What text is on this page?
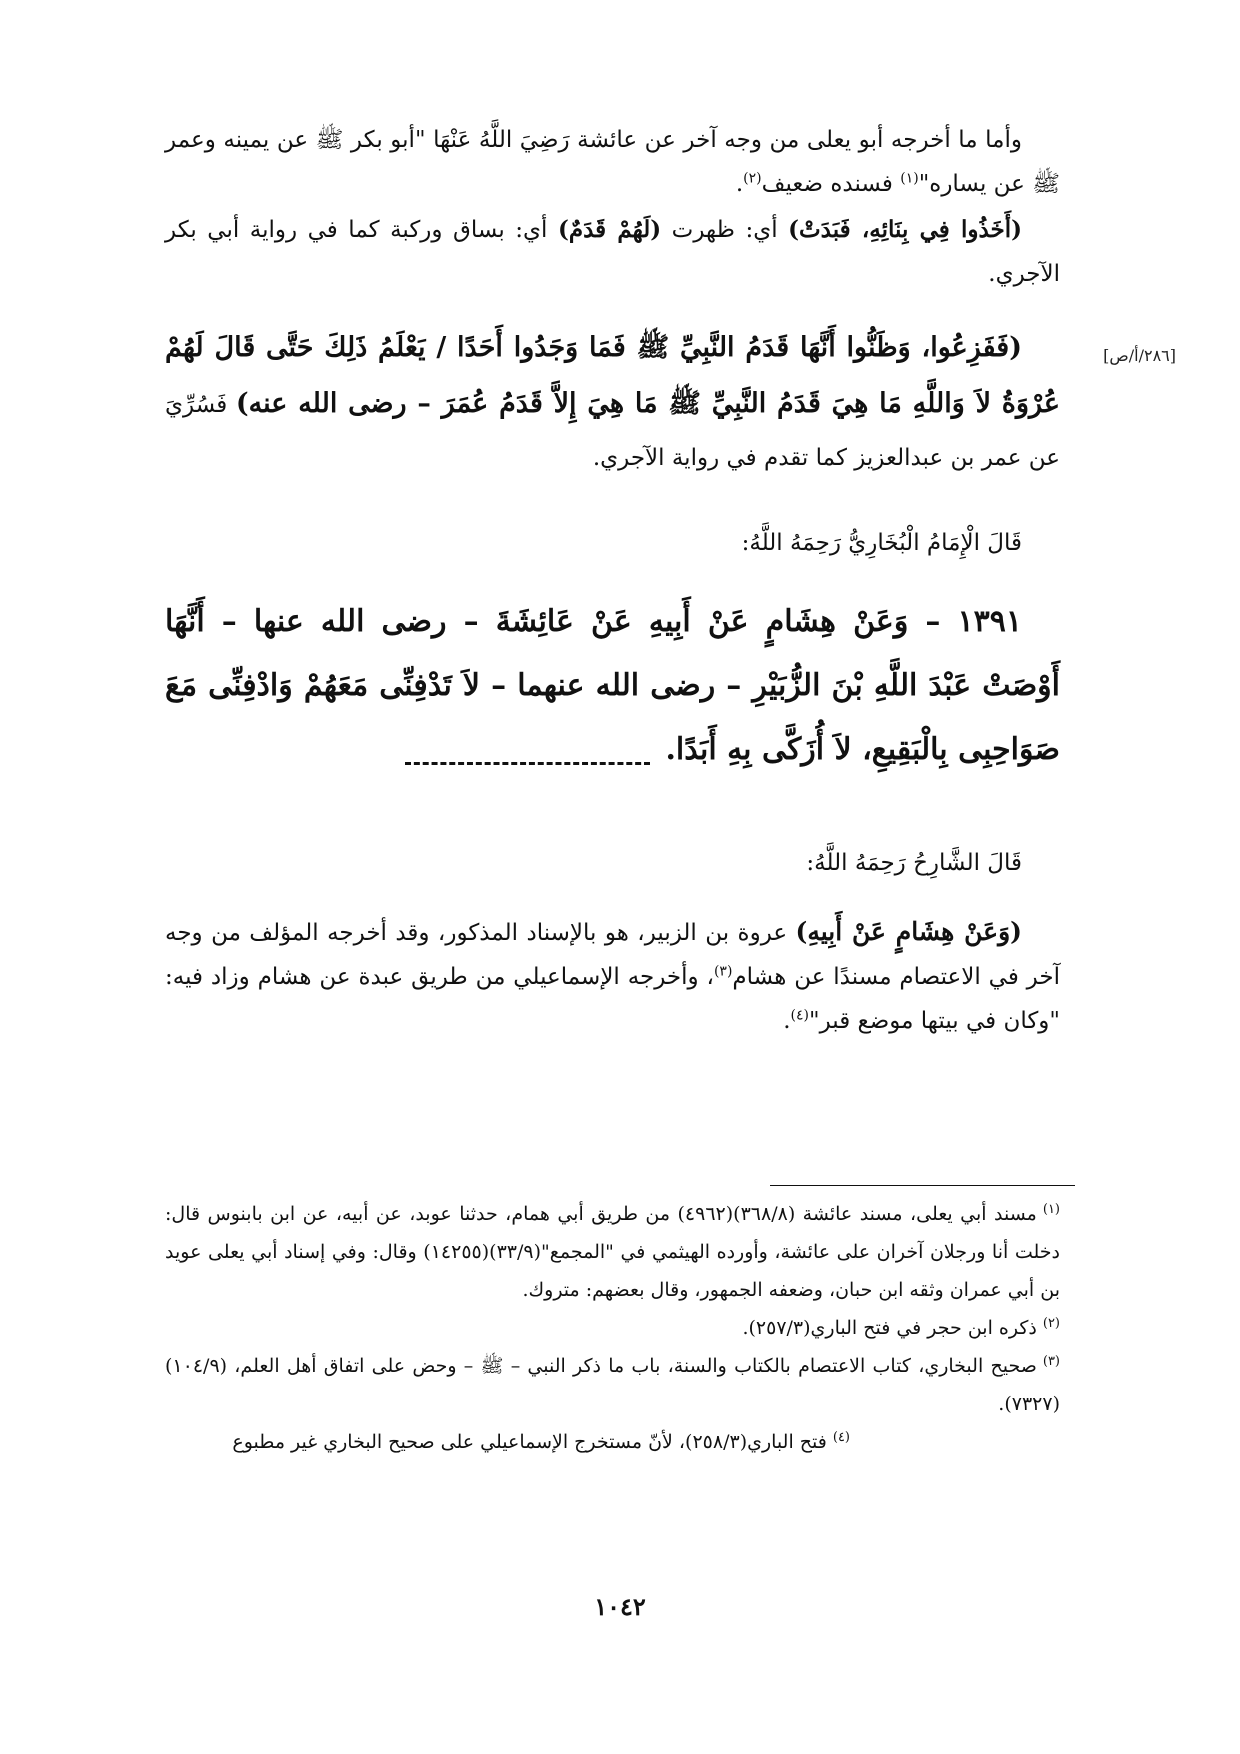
وأما ما أخرجه أبو يعلى من وجه آخر عن عائشة رَضِيَ اللَّهُ عَنْهَا "أبو بكر ﷺ عن يمينه وعمر ﷺ عن يساره"$^{(١)}$ فسنده ضعيف$^{(٢)}$.

(أَخَذُوا فِي بِنَائِهِ، فَبَدَتْ) أي: ظهرت (لَهُمْ قَدَمٌ) أي: بساق وركبة كما في رواية أبي بكر الآجري.

[٢٨٦/أ/ص]

(فَفَزِعُوا، وَظَنُّوا أَنَّهَا قَدَمُ النَّبِيِّ ﷺ فَمَا وَجَدُوا أَحَدًا / يَعْلَمُ ذَلِكَ حَتَّى قَالَ لَهُمْ عُرْوَةُ لاَ وَاللَّهِ مَا هِيَ قَدَمُ النَّبِيِّ ﷺ مَا هِيَ إِلاَّ قَدَمُ عُمَرَ – رضى الله عنه) فَسُرِّيَ عن عمر بن عبدالعزيز كما تقدم في رواية الآجري.

قَالَ الْإِمَامُ الْبُخَارِيُّ رَحِمَهُ اللَّهُ:

١٣٩١ – وَعَنْ هِشَامٍ عَنْ أَبِيهِ عَنْ عَائِشَةَ – رضى الله عنها – أَنَّهَا أَوْصَتْ عَبْدَ اللَّهِ بْنَ الزُّبَيْرِ – رضى الله عنهما – لاَ تَدْفِنِّى مَعَهُمْ وَادْفِنِّى مَعَ صَوَاحِبِى بِالْبَقِيعِ، لاَ أُزَكَّى بِهِ أَبَدًا.

قَالَ الشَّارِحُ رَحِمَهُ اللَّهُ:

(وَعَنْ هِشَامٍ عَنْ أَبِيهِ) عروة بن الزبير، هو بالإسناد المذكور، وقد أخرجه المؤلف من وجه آخر في الاعتصام مسندًا عن هشام$^{(٣)}$، وأخرجه الإسماعيلي من طريق عبدة عن هشام وزاد فيه: "وكان في بيتها موضع قبر"$^{(٤)}$.

$^{(١)}$مسند أبي يعلى، مسند عائشة (٣٦٨/٨)(٤٩٦٢) من طريق أبي همام، حدثنا عوبد، عن أبيه، عن ابن بابنوس قال: دخلت أنا ورجلان آخران على عائشة، وأورده الهيثمي في "المجمع"(٣٣/٩)(١٤٢٥٥) وقال: وفي إسناد أبي يعلى عويد بن أبي عمران وثقه ابن حبان، وضعفه الجمهور، وقال بعضهم: متروك.

$^{(٢)}$ذكره ابن حجر في فتح الباري(٢٥٧/٣).

$^{(٣)}$صحيح البخاري، كتاب الاعتصام بالكتاب والسنة، باب ما ذكر النبي – ﷺ – وحض على اتفاق أهل العلم، (١٠٤/٩)(٧٣٢٧).

$^{(٤)}$فتح الباري(٢٥٨/٣)، لأنّ مستخرج الإسماعيلي على صحيح البخاري غير مطبوع

١٠٤٢
